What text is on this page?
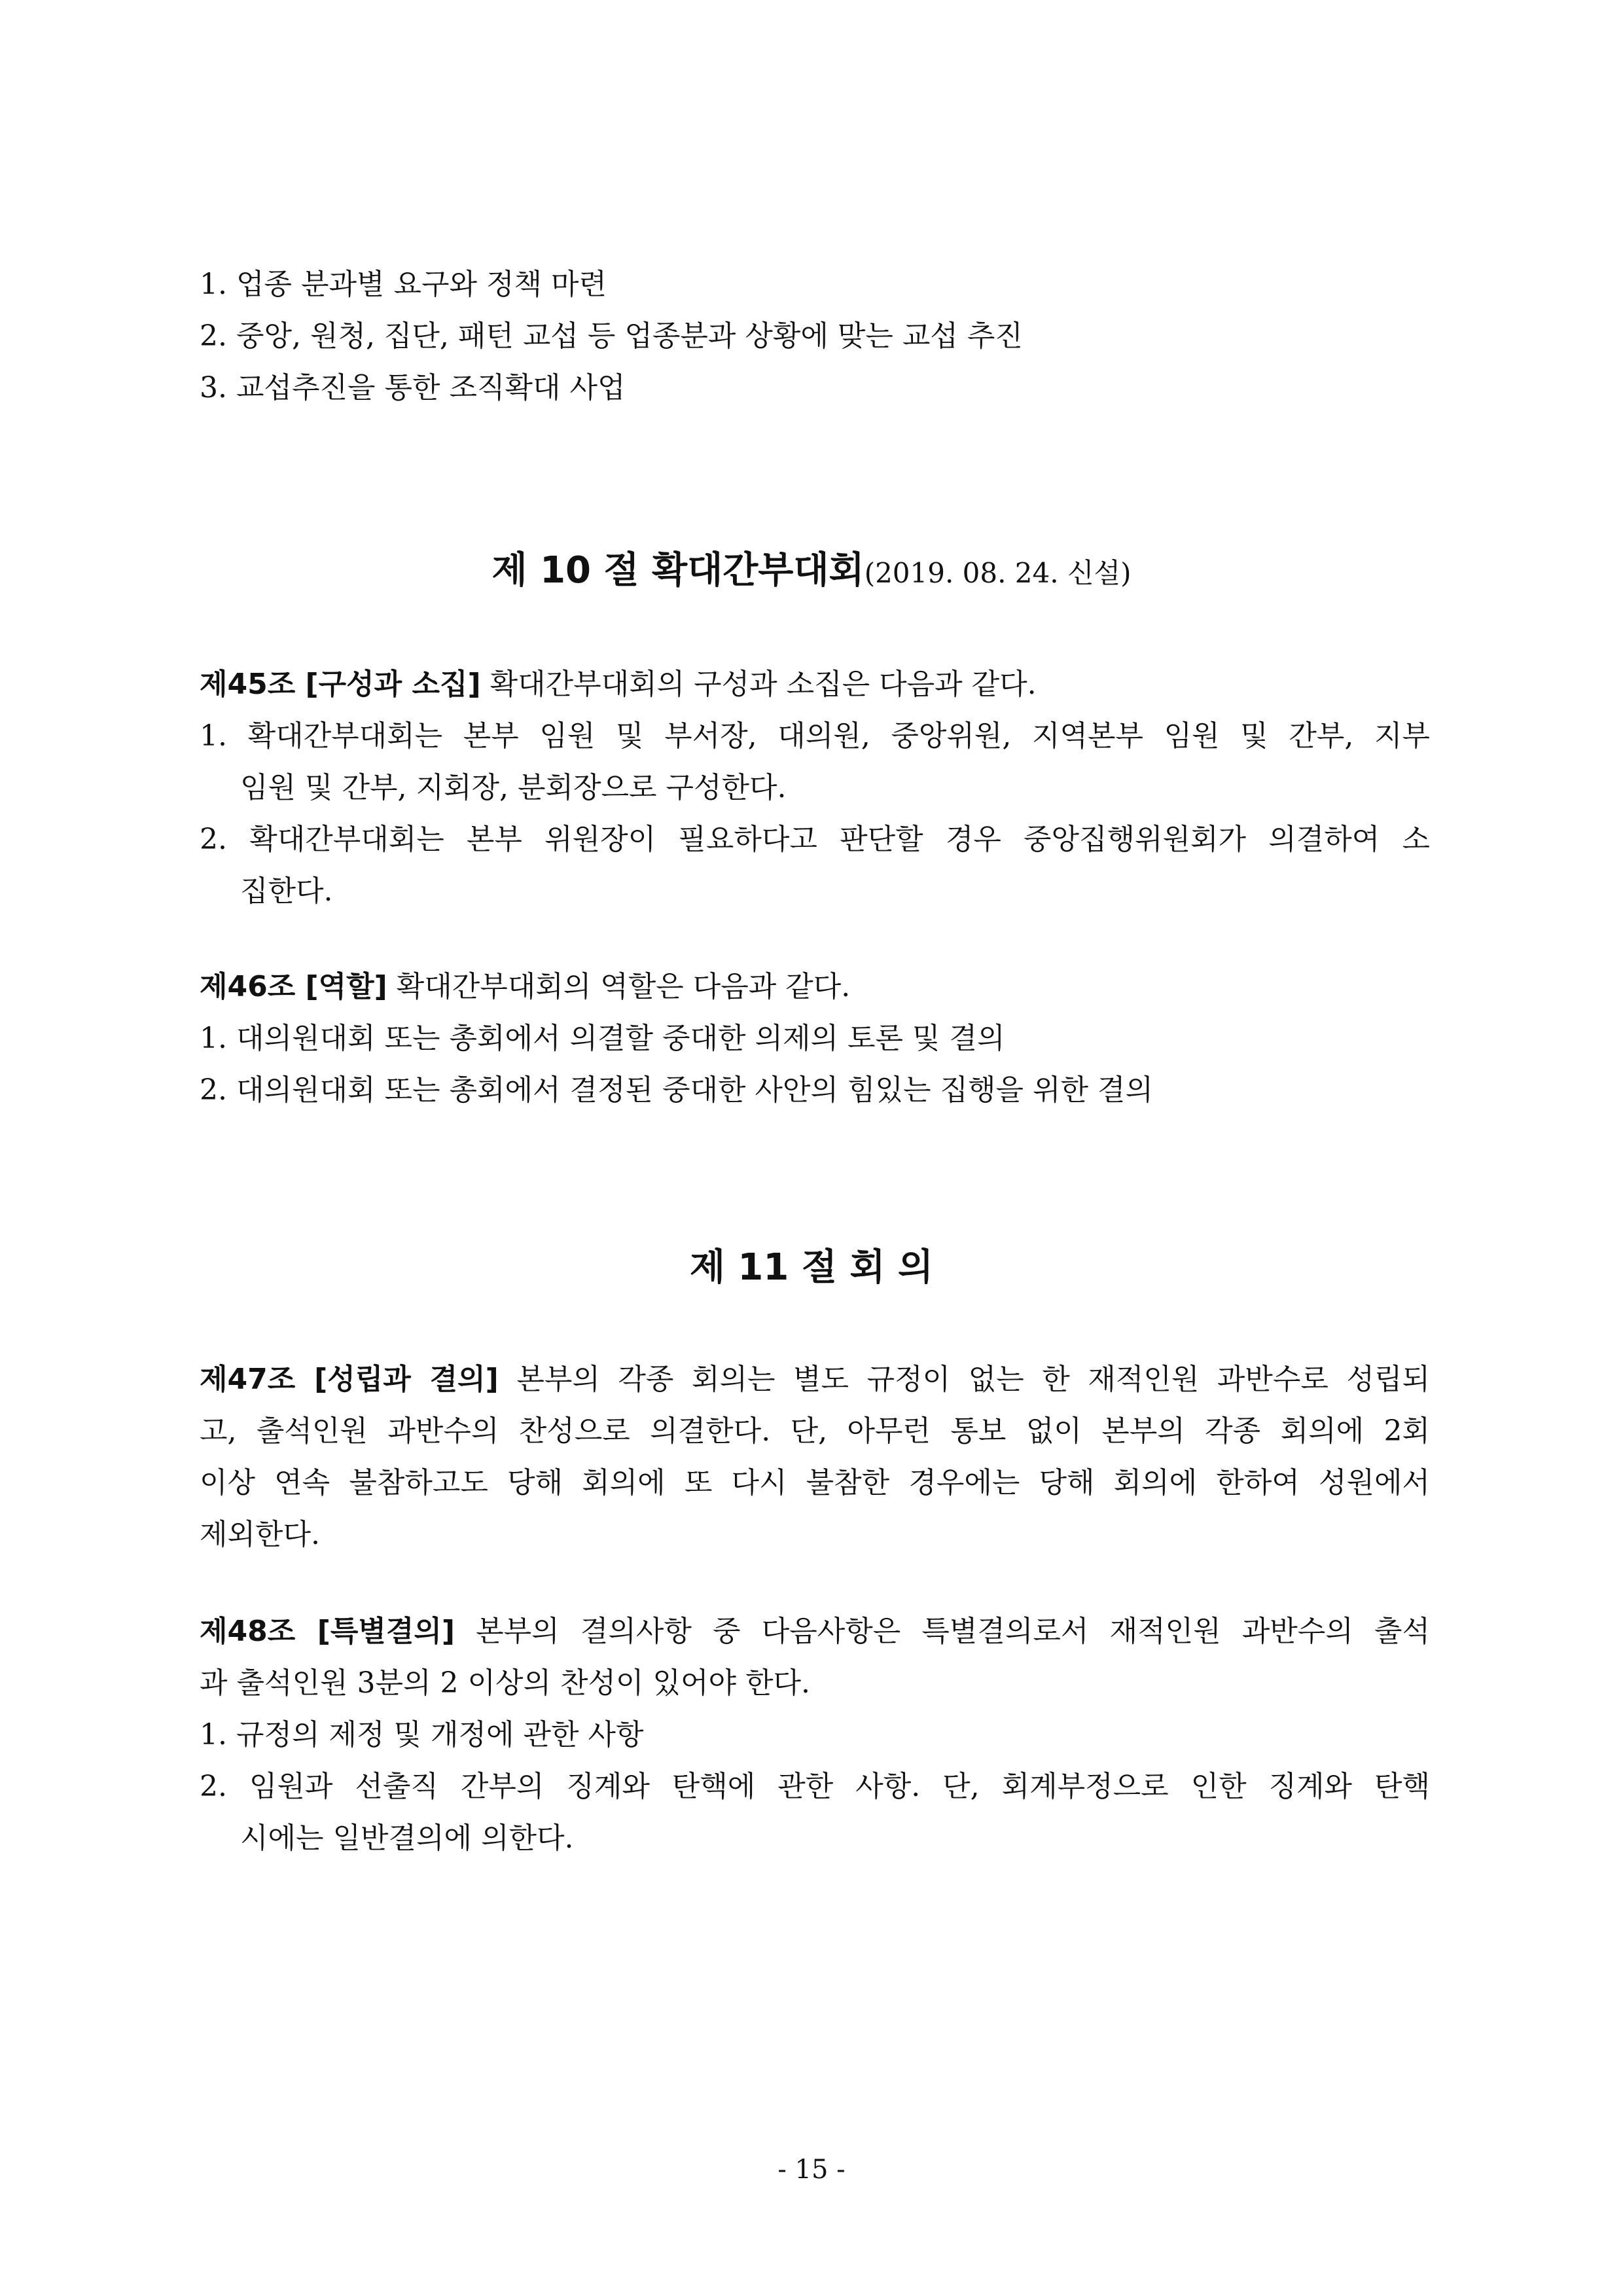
1. 업종 분과별 요구와 정책 마련

2. 중앙, 원청, 집단, 패턴 교섭 등 업종분과 상황에 맞는 교섭 추진

3. 교섭추진을 통한 조직확대 사업

제 10 절 확대간부대회(2019. 08. 24. 신설)

제45조 [구성과 소집] 확대간부대회의 구성과 소집은 다음과 같다.

1. 확대간부대회는 본부 임원 및 부서장, 대의원, 중앙위원, 지역본부 임원 및 간부, 지부

임원 및 간부, 지회장, 분회장으로 구성한다.

2. 확대간부대회는 본부 위원장이 필요하다고 판단할 경우 중앙집행위원회가 의결하여 소

집한다.

제46조 [역할] 확대간부대회의 역할은 다음과 같다.

1. 대의원대회 또는 총회에서 의결할 중대한 의제의 토론 및 결의

2. 대의원대회 또는 총회에서 결정된 중대한 사안의 힘있는 집행을 위한 결의

제 11 절 회 의

제47조 [성립과 결의] 본부의 각종 회의는 별도 규정이 없는 한 재적인원 과반수로 성립되

고, 출석인원 과반수의 찬성으로 의결한다. 단, 아무런 통보 없이 본부의 각종 회의에 2회

이상 연속 불참하고도 당해 회의에 또 다시 불참한 경우에는 당해 회의에 한하여 성원에서

제외한다.

제48조 [특별결의] 본부의 결의사항 중 다음사항은 특별결의로서 재적인원 과반수의 출석

과 출석인원 3분의 2 이상의 찬성이 있어야 한다.

1. 규정의 제정 및 개정에 관한 사항

2. 임원과 선출직 간부의 징계와 탄핵에 관한 사항. 단, 회계부정으로 인한 징계와 탄핵

시에는 일반결의에 의한다.

- 15 -
